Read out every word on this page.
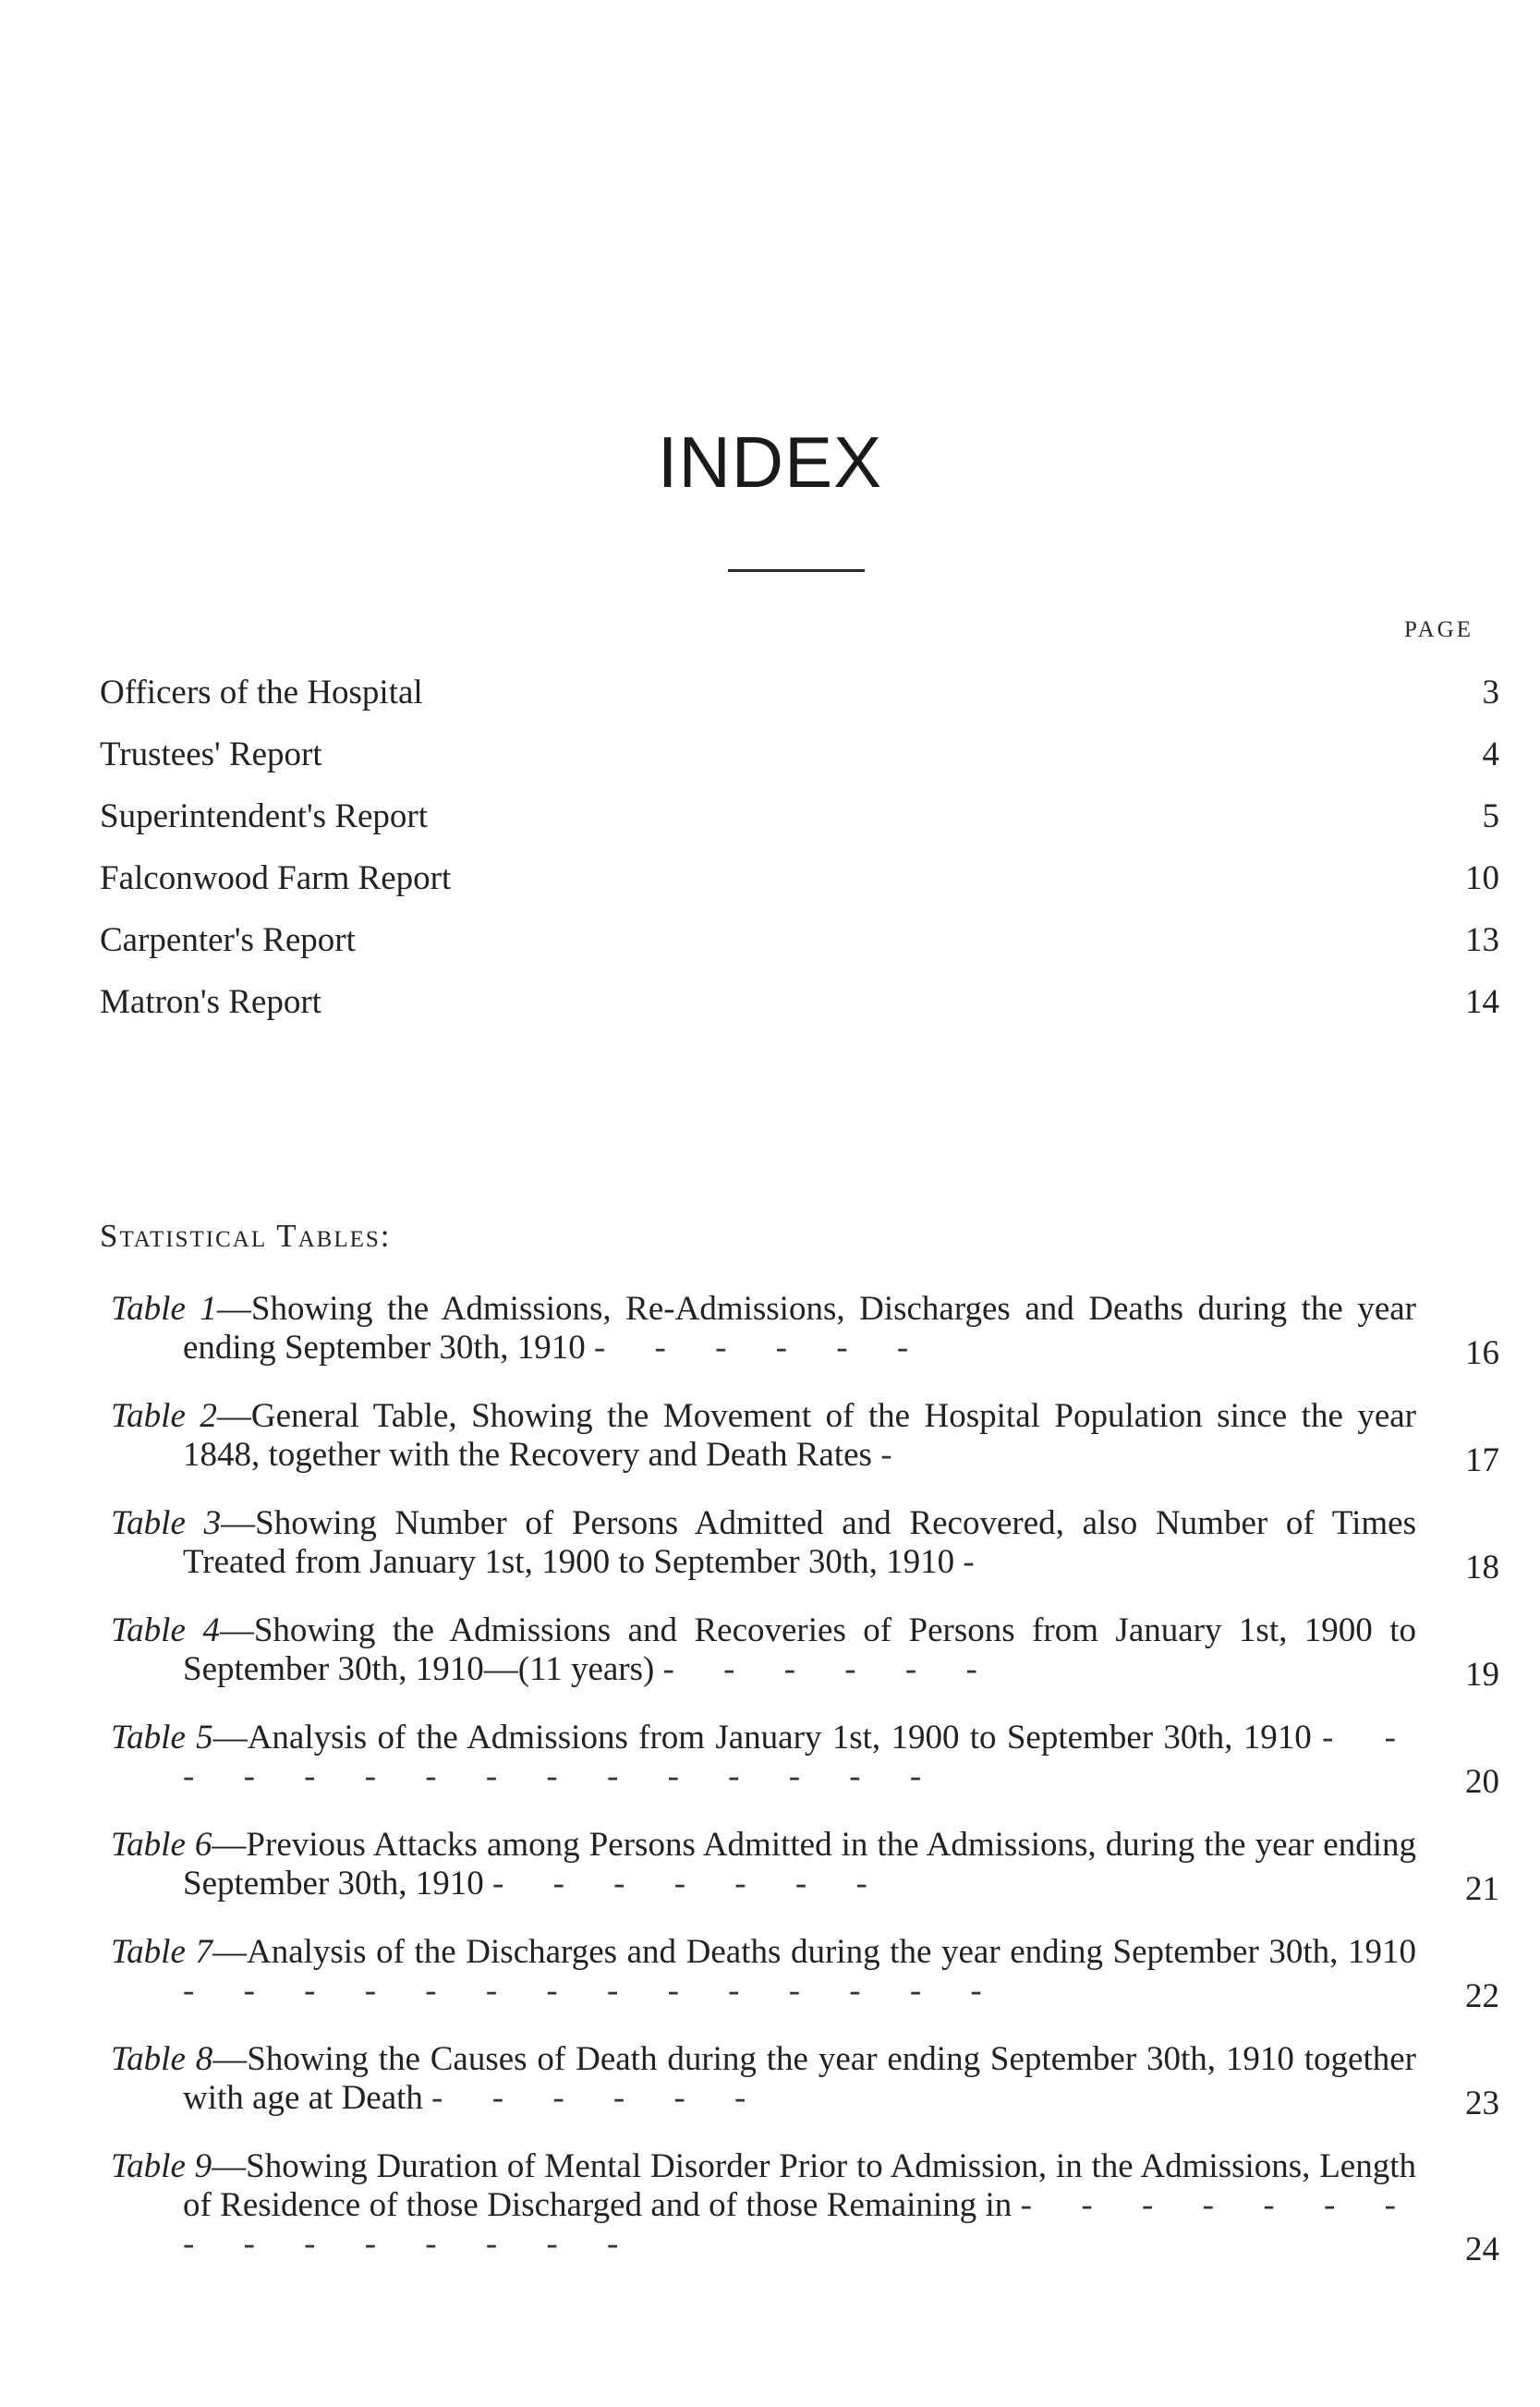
INDEX
PAGE
Officers of the Hospital	3
Trustees' Report	4
Superintendent's Report	5
Falconwood Farm Report	10
Carpenter's Report	13
Matron's Report	14
Statistical Tables:
Table 1—Showing the Admissions, Re-Admissions, Discharges and Deaths during the year ending September 30th, 1910 - - - - - -	16
Table 2—General Table, Showing the Movement of the Hospital Population since the year 1848, together with the Recovery and Death Rates -	17
Table 3—Showing Number of Persons Admitted and Recovered, also Number of Times Treated from January 1st, 1900 to September 30th, 1910 -	18
Table 4—Showing the Admissions and Recoveries of Persons from January 1st, 1900 to September 30th, 1910—(11 years) - - - - - -	19
Table 5—Analysis of the Admissions from January 1st, 1900 to September 30th, 1910 - - - - - - - - - - - - - - -	20
Table 6—Previous Attacks among Persons Admitted in the Admissions, during the year ending September 30th, 1910 - - - - - - -	21
Table 7—Analysis of the Discharges and Deaths during the year ending September 30th, 1910 - - - - - - - - - - - - - -	22
Table 8—Showing the Causes of Death during the year ending September 30th, 1910 together with age at Death - - - - - -	23
Table 9—Showing Duration of Mental Disorder Prior to Admission, in the Admissions, Length of Residence of those Discharged and of those Remaining in - - - - - - - - - - - - - - -	24
